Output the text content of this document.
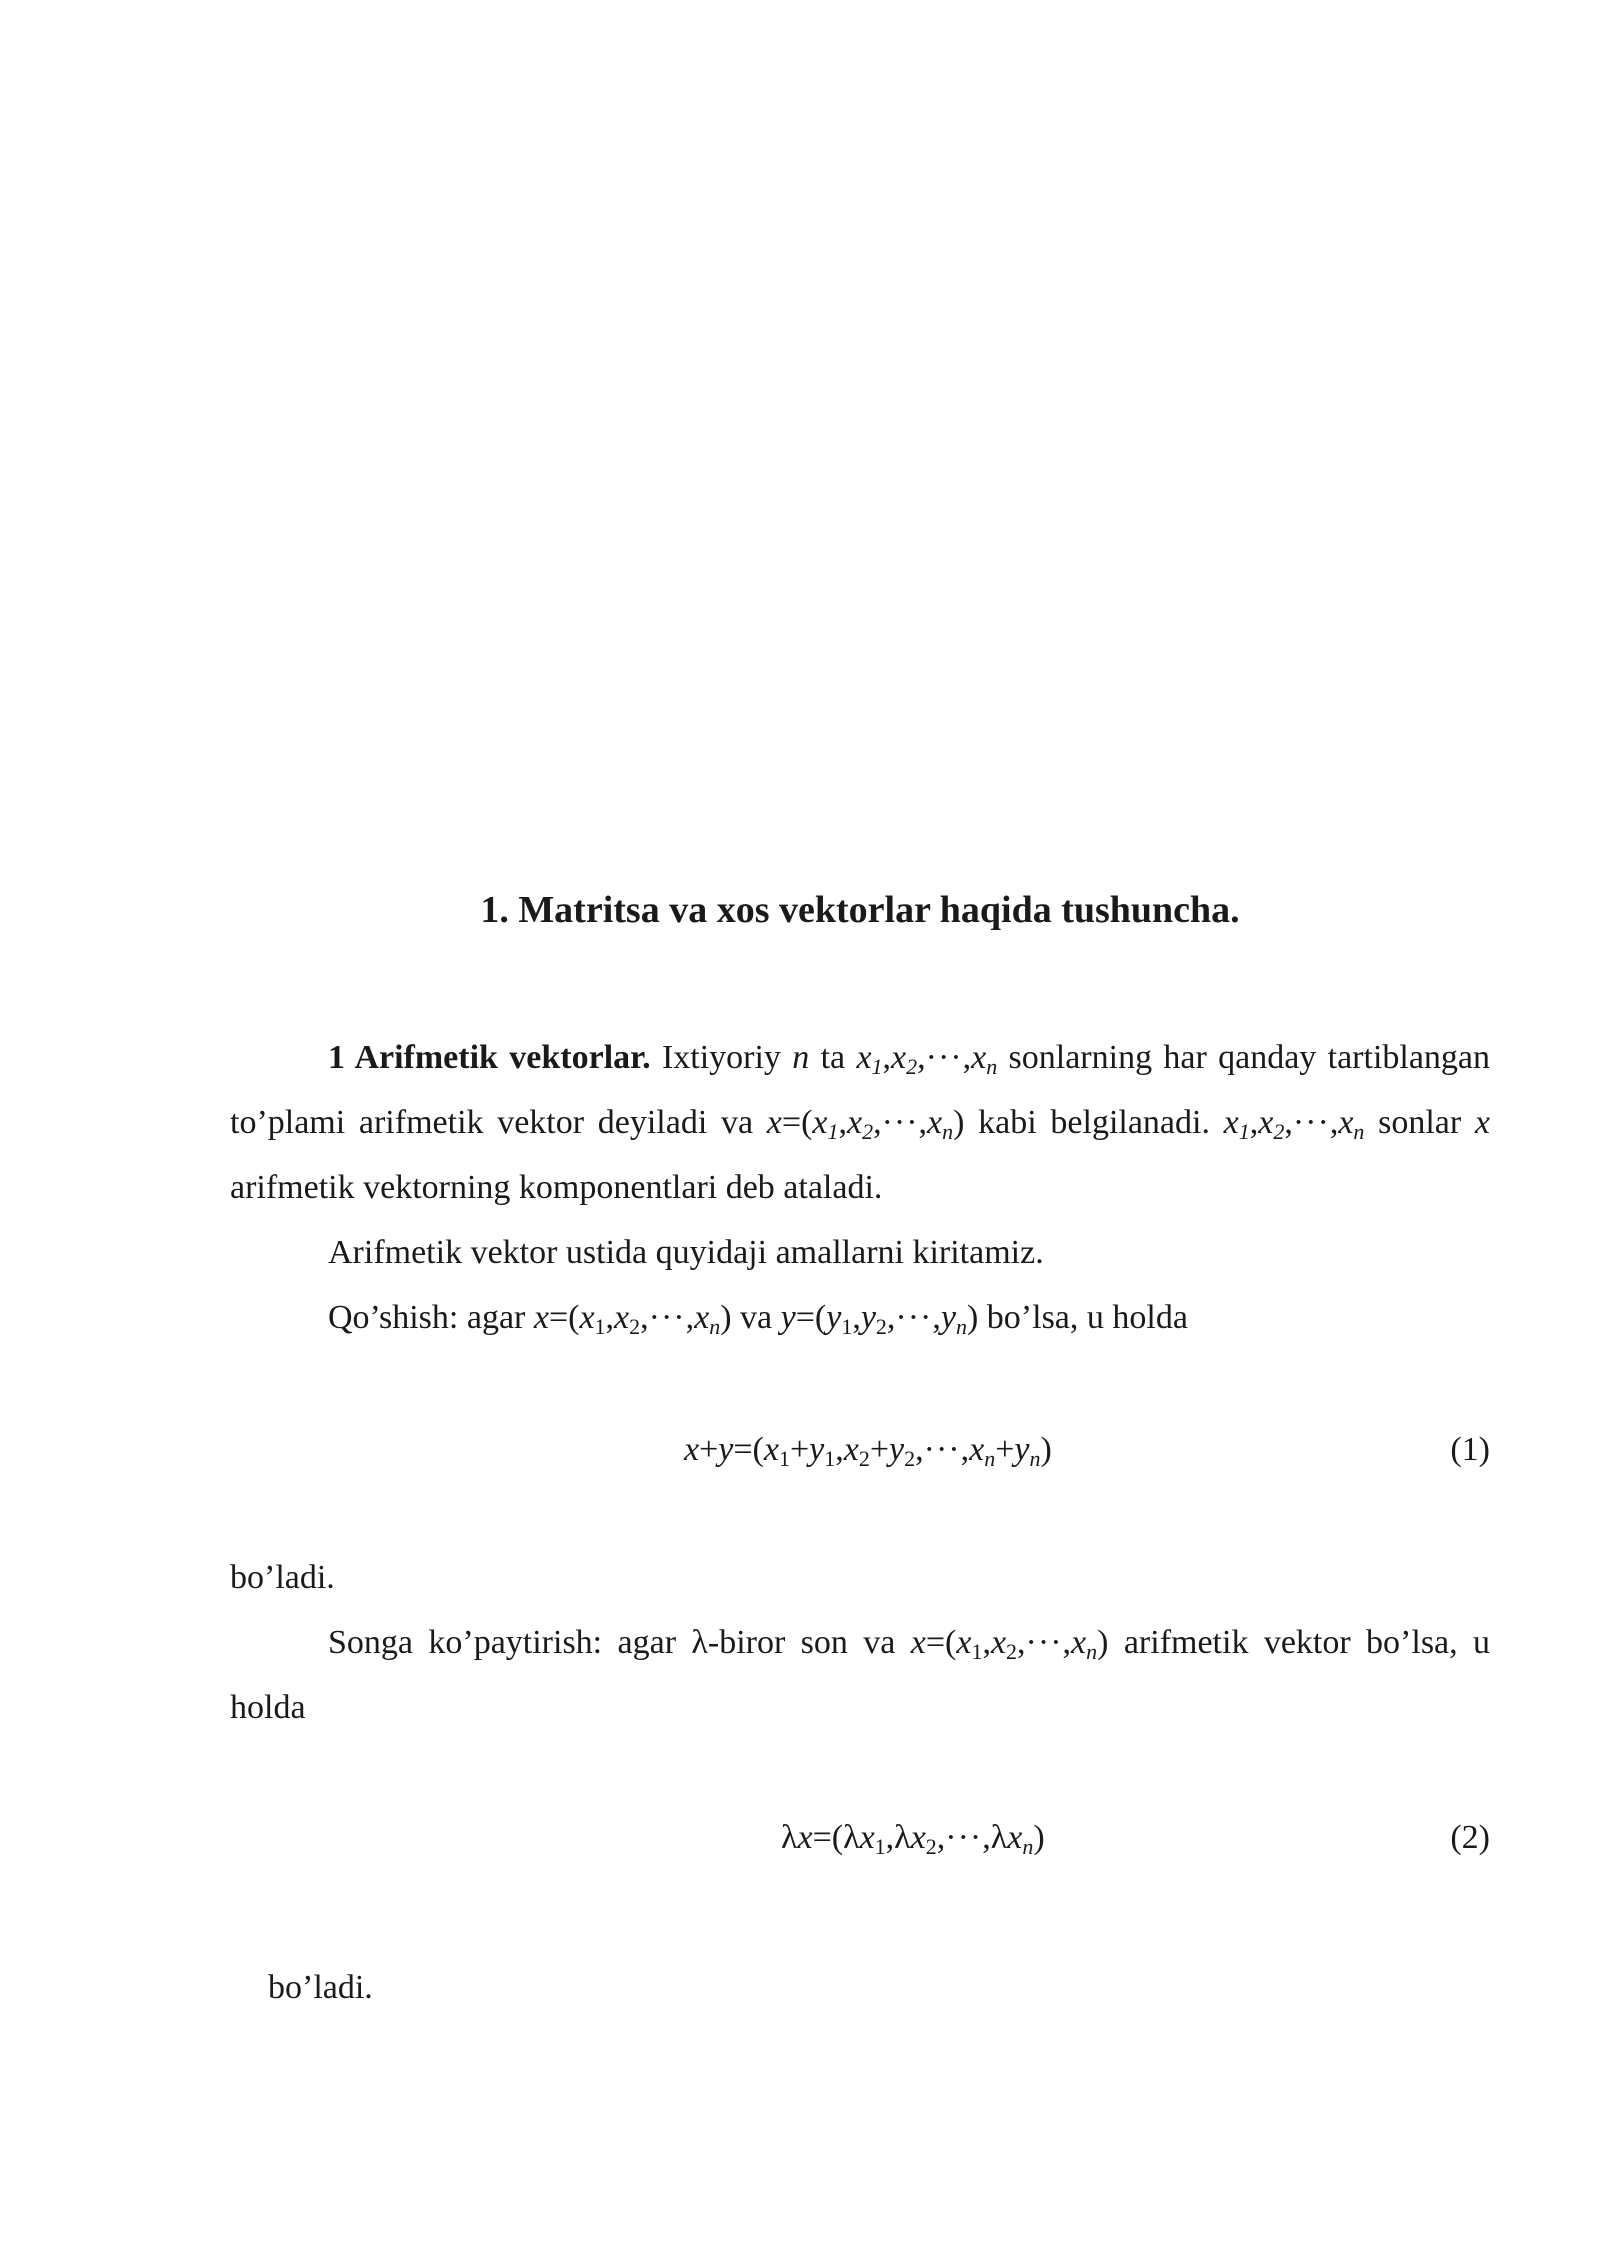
1. Matritsa va xos vektorlar haqida tushuncha.
1 Arifmetik vektorlar. Ixtiyoriy n ta $x_1,x_2,\cdot\cdot\cdot,x_n$ sonlarning har qanday tartiblangan to’plami arifmetik vektor deyiladi va $x=(x_1,x_2,\cdot\cdot\cdot,x_n)$ kabi belgilanadi. $x_1,x_2,\cdot\cdot\cdot,x_n$ sonlar x arifmetik vektorning komponentlari deb ataladi.
Arifmetik vektor ustida quyidaji amallarni kiritamiz.
Qo’shish: agar $x=(x_1,x_2,\cdot\cdot\cdot,x_n)$ va $y=(y_1,y_2,\cdot\cdot\cdot,y_n)$ bo’lsa, u holda
$x+y=(x_1+y_1,x_2+y_2,\cdot\cdot\cdot,x_n+y_n)$	(1)
bo’ladi.
Songa ko’paytirish: agar λ-biror son va $x=(x_1,x_2,\cdot\cdot\cdot,x_n)$ arifmetik vektor bo’lsa, u holda
$\lambda x=(\lambda x_1,\lambda x_2,\cdot\cdot\cdot,\lambda x_n)$	(2)
bo’ladi.
